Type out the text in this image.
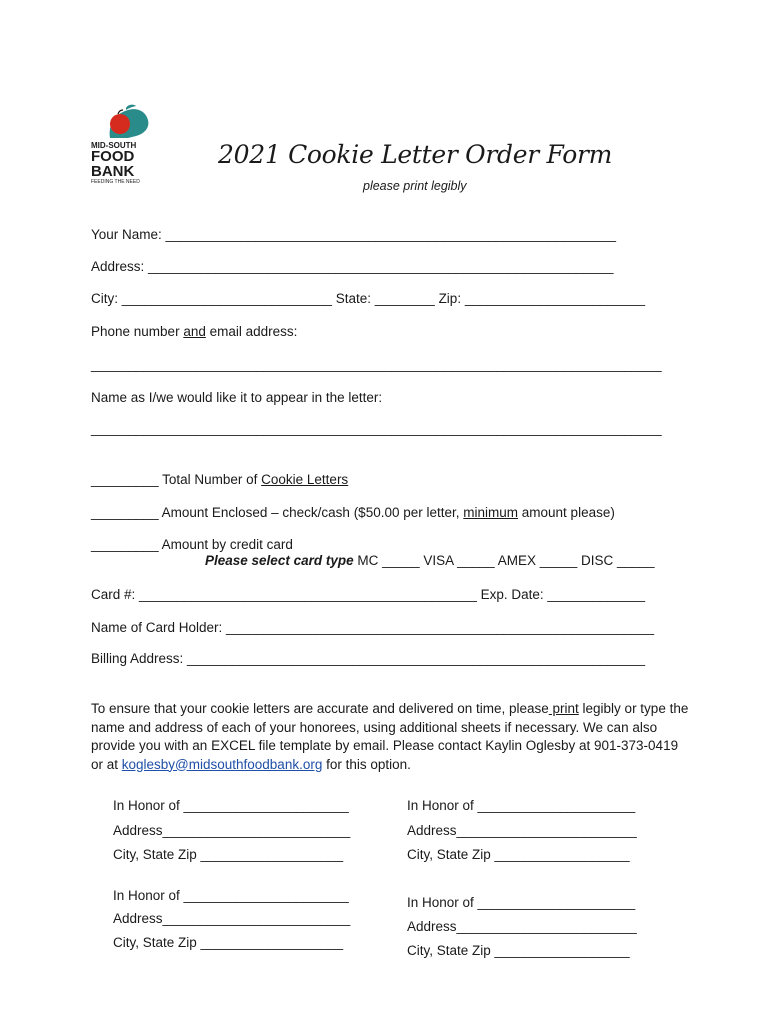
MID-SOUTH
FOOD
BANK
FEEDING THE NEED
2021 Cookie Letter Order Form
please print legibly
Your Name: ____________________________________________________________
Address: ______________________________________________________________
City: ____________________________ State: ________ Zip: ________________________
Phone number and email address:
____________________________________________________________________________
Name as I/we would like it to appear in the letter:
____________________________________________________________________________
_________ Total Number of Cookie Letters
_________ Amount Enclosed – check/cash ($50.00 per letter, minimum amount please)
_________ Amount by credit card
Please select card type MC _____ VISA _____ AMEX _____ DISC _____
Card #: _____________________________________________ Exp. Date: _____________
Name of Card Holder: _________________________________________________________
Billing Address: _____________________________________________________________
To ensure that your cookie letters are accurate and delivered on time, please print legibly or type the name and address of each of your honorees, using additional sheets if necessary. We can also provide you with an EXCEL file template by email. Please contact Kaylin Oglesby at 901-373-0419 or at koglesby@midsouthfoodbank.org for this option.
In Honor of ______________________
Address_________________________
City, State Zip ___________________
In Honor of _____________________
Address________________________
City, State Zip __________________
In Honor of ______________________
Address_________________________
City, State Zip ___________________
In Honor of _____________________
Address________________________
City, State Zip __________________
